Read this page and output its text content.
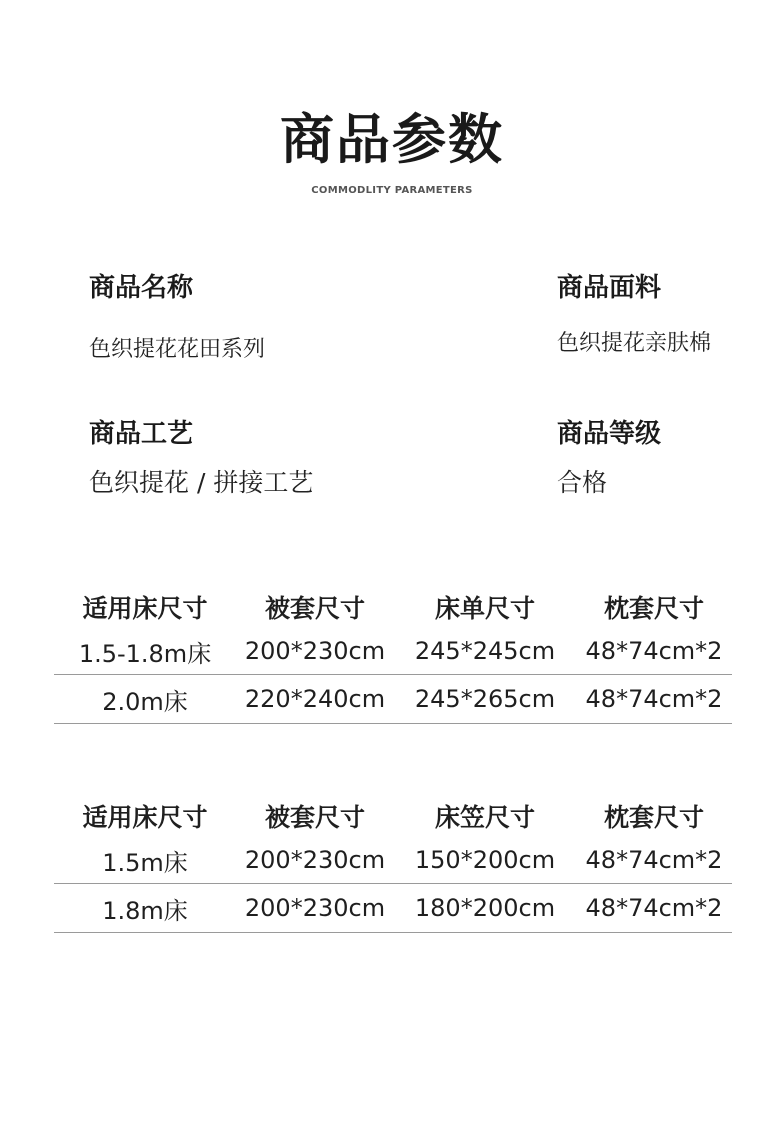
商品参数
COMMODLITY PARAMETERS
商品名称
色织提花花田系列
商品面料
色织提花亲肤棉
商品工艺
色织提花 / 拼接工艺
商品等级
合格
适用床尺寸	被套尺寸	床单尺寸	枕套尺寸
1.5-1.8m床	200*230cm	245*245cm	48*74cm*2
2.0m床	220*240cm	245*265cm	48*74cm*2
适用床尺寸	被套尺寸	床笠尺寸	枕套尺寸
1.5m床	200*230cm	150*200cm	48*74cm*2
1.8m床	200*230cm	180*200cm	48*74cm*2
